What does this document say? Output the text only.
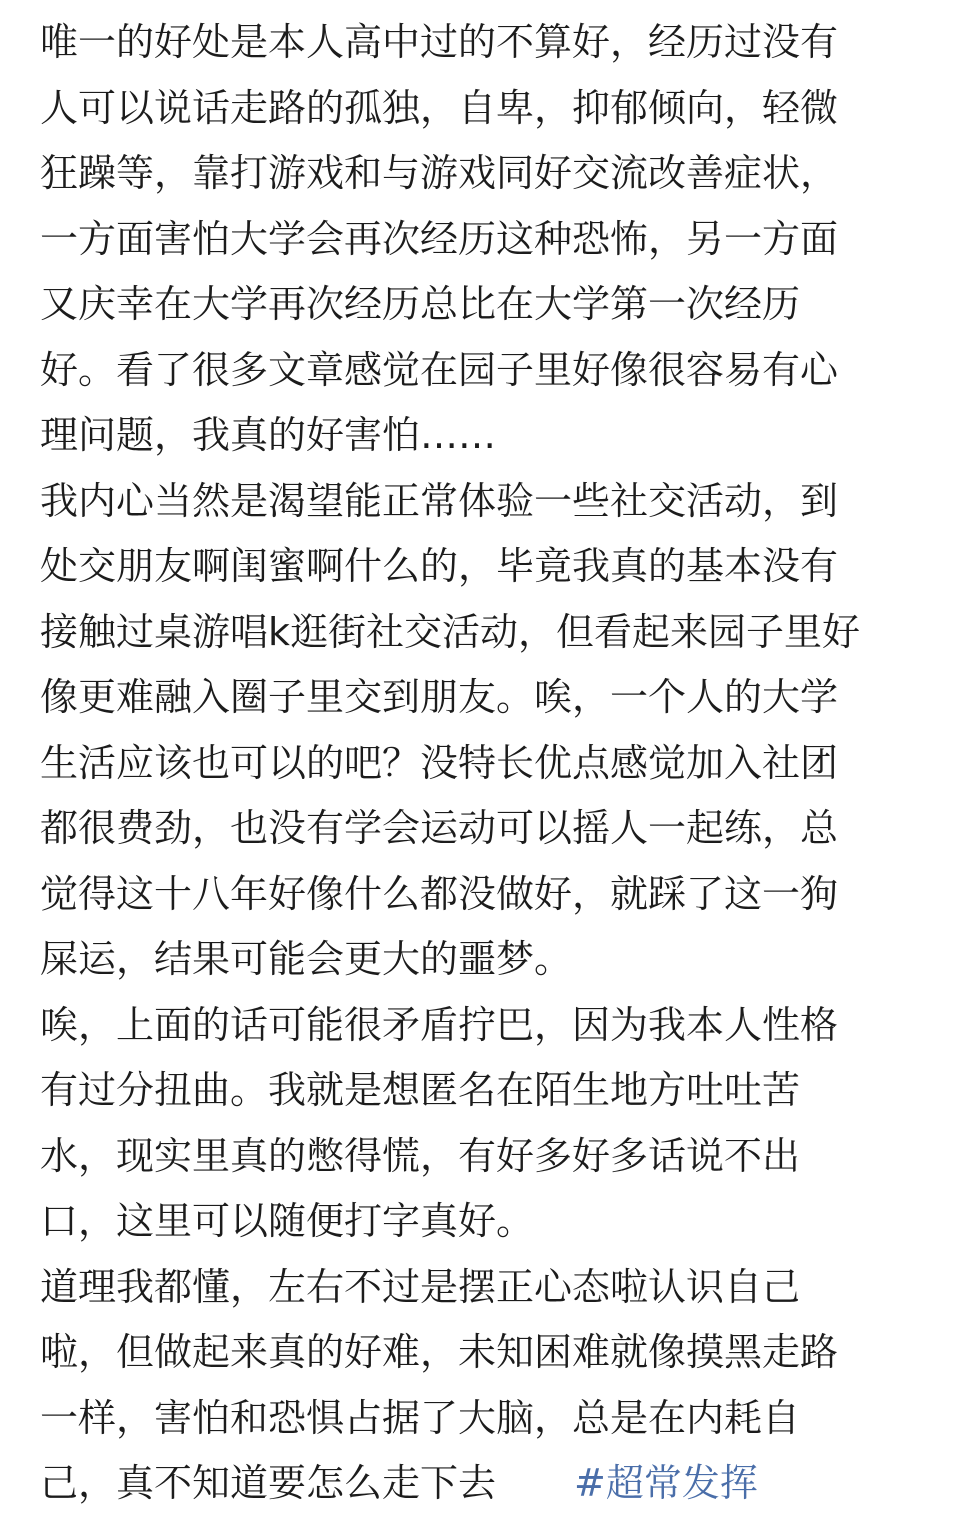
唯一的好处是本人高中过的不算好，经历过没有
人可以说话走路的孤独，自卑，抑郁倾向，轻微
狂躁等，靠打游戏和与游戏同好交流改善症状，
一方面害怕大学会再次经历这种恐怖，另一方面
又庆幸在大学再次经历总比在大学第一次经历
好。看了很多文章感觉在园子里好像很容易有心
理问题，我真的好害怕……
我内心当然是渴望能正常体验一些社交活动，到
处交朋友啊闺蜜啊什么的，毕竟我真的基本没有
接触过桌游唱k逛街社交活动，但看起来园子里好
像更难融入圈子里交到朋友。唉，一个人的大学
生活应该也可以的吧？没特长优点感觉加入社团
都很费劲，也没有学会运动可以摇人一起练，总
觉得这十八年好像什么都没做好，就踩了这一狗
屎运，结果可能会更大的噩梦。
唉，上面的话可能很矛盾拧巴，因为我本人性格
有过分扭曲。我就是想匿名在陌生地方吐吐苦
水，现实里真的憋得慌，有好多好多话说不出
口，这里可以随便打字真好。
道理我都懂，左右不过是摆正心态啦认识自己
啦，但做起来真的好难，未知困难就像摸黑走路
一样，害怕和恐惧占据了大脑，总是在内耗自
己，真不知道要怎么走下去 #超常发挥
